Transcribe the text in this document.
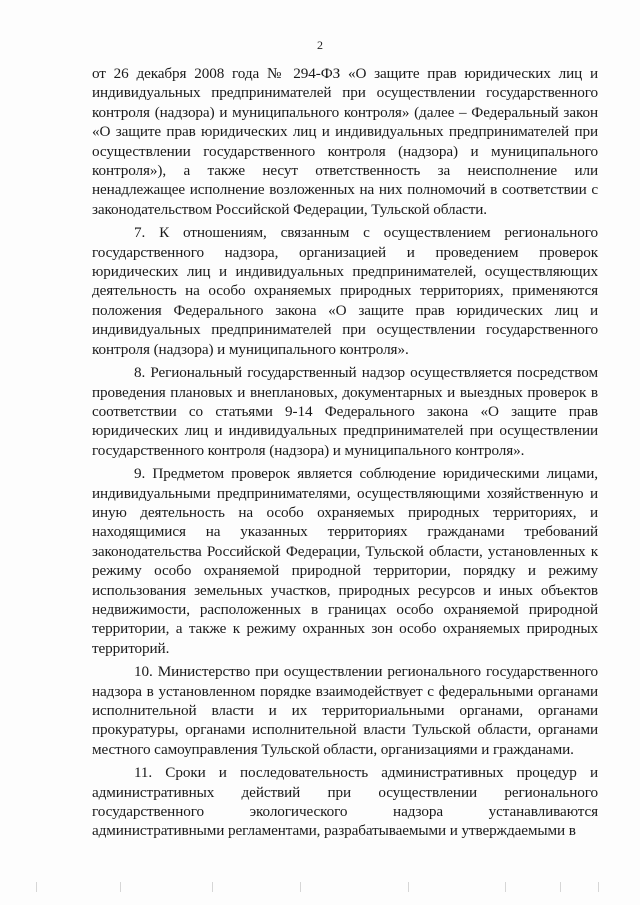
2

от 26 декабря 2008 года № 294-ФЗ «О защите прав юридических лиц и индивидуальных предпринимателей при осуществлении государственного контроля (надзора) и муниципального контроля» (далее – Федеральный закон «О защите прав юридических лиц и индивидуальных предпринимателей при осуществлении государственного контроля (надзора) и муниципального контроля»), а также несут ответственность за неисполнение или ненадлежащее исполнение возложенных на них полномочий в соответствии с законодательством Российской Федерации, Тульской области.

7. К отношениям, связанным с осуществлением регионального государственного надзора, организацией и проведением проверок юридических лиц и индивидуальных предпринимателей, осуществляющих деятельность на особо охраняемых природных территориях, применяются положения Федерального закона «О защите прав юридических лиц и индивидуальных предпринимателей при осуществлении государственного контроля (надзора) и муниципального контроля».

8. Региональный государственный надзор осуществляется посредством проведения плановых и внеплановых, документарных и выездных проверок в соответствии со статьями 9-14 Федерального закона «О защите прав юридических лиц и индивидуальных предпринимателей при осуществлении государственного контроля (надзора) и муниципального контроля».

9. Предметом проверок является соблюдение юридическими лицами, индивидуальными предпринимателями, осуществляющими хозяйственную и иную деятельность на особо охраняемых природных территориях, и находящимися на указанных территориях гражданами требований законодательства Российской Федерации, Тульской области, установленных к режиму особо охраняемой природной территории, порядку и режиму использования земельных участков, природных ресурсов и иных объектов недвижимости, расположенных в границах особо охраняемой природной территории, а также к режиму охранных зон особо охраняемых природных территорий.

10. Министерство при осуществлении регионального государственного надзора в установленном порядке взаимодействует с федеральными органами исполнительной власти и их территориальными органами, органами прокуратуры, органами исполнительной власти Тульской области, органами местного самоуправления Тульской области, организациями и гражданами.

11. Сроки и последовательность административных процедур и административных действий при осуществлении регионального государственного экологического надзора устанавливаются административными регламентами, разрабатываемыми и утверждаемыми в
